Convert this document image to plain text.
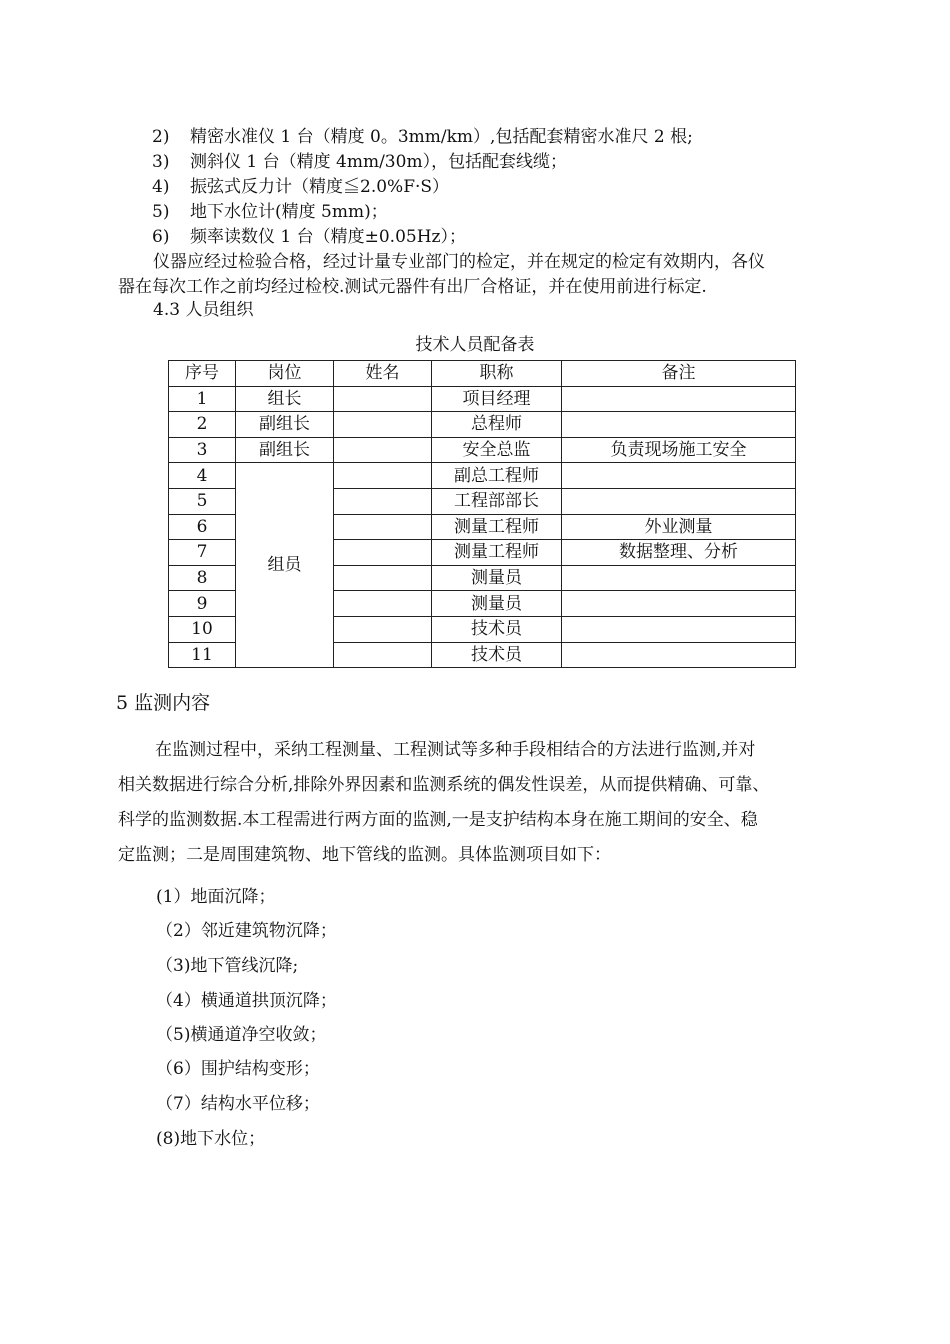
2) 精密水准仪 1 台（精度 0。3mm/km）,包括配套精密水准尺 2 根;
3) 测斜仪 1 台（精度 4mm/30m），包括配套线缆；
4) 振弦式反力计（精度≦2.0%F·S）
5) 地下水位计(精度 5mm)；
6) 频率读数仪 1 台（精度±0.05Hz）；
仪器应经过检验合格，经过计量专业部门的检定，并在规定的检定有效期内，各仪
器在每次工作之前均经过检校.测试元器件有出厂合格证，并在使用前进行标定.
4.3 人员组织
技术人员配备表
序号	岗位	姓名	职称	备注
1	组长		项目经理	
2	副组长		总程师	
3	副组长		安全总监	负责现场施工安全
4	组员		副总工程师	
5			工程部部长	
6			测量工程师	外业测量
7			测量工程师	数据整理、分析
8			测量员	
9			测量员	
10			技术员	
11			技术员	
5 监测内容
在监测过程中，采纳工程测量、工程测试等多种手段相结合的方法进行监测,并对
相关数据进行综合分析,排除外界因素和监测系统的偶发性误差，从而提供精确、可靠、
科学的监测数据.本工程需进行两方面的监测,一是支护结构本身在施工期间的安全、稳
定监测；二是周围建筑物、地下管线的监测。具体监测项目如下：
(1）地面沉降；
（2）邻近建筑物沉降；
（3)地下管线沉降;
（4）横通道拱顶沉降；
（5)横通道净空收敛；
（6）围护结构变形；
（7）结构水平位移；
(8)地下水位；
